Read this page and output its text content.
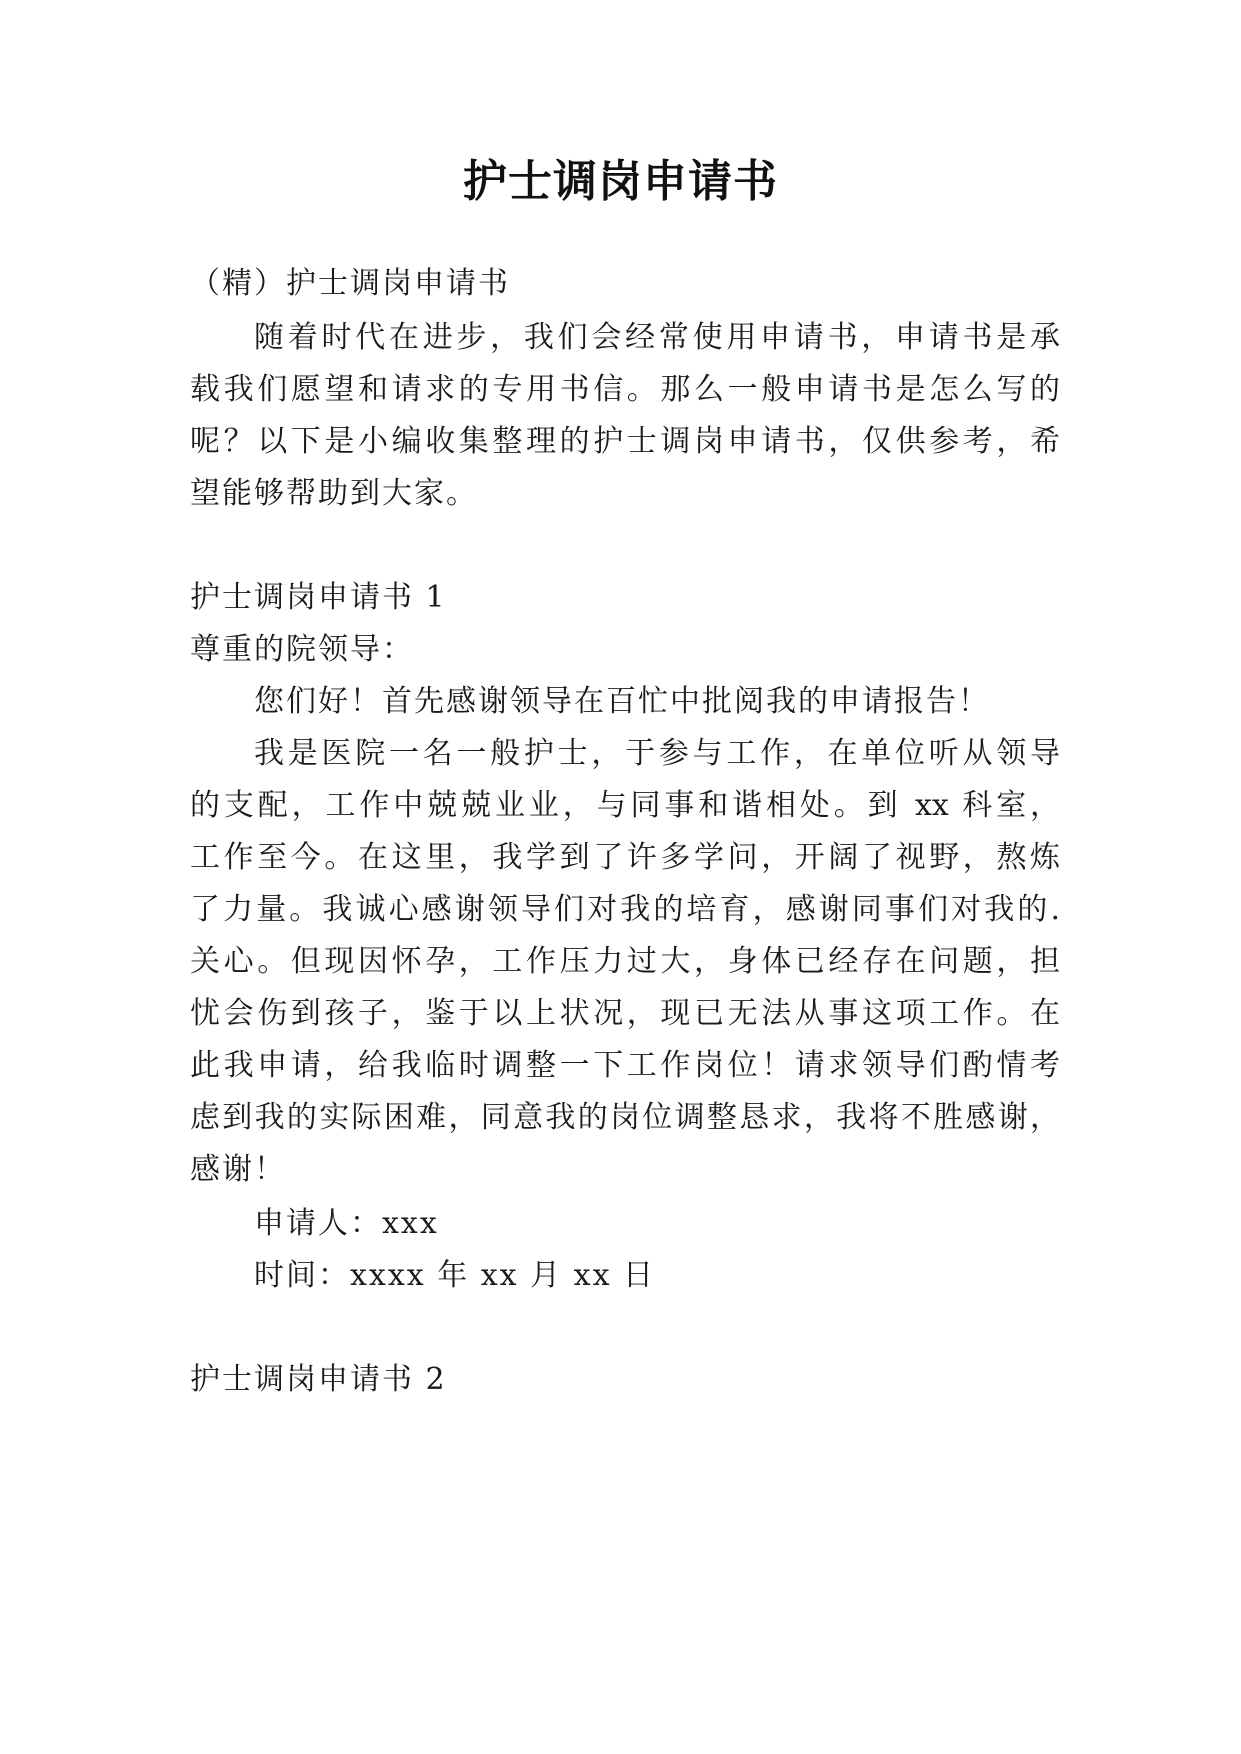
护士调岗申请书
（精）护士调岗申请书
随着时代在进步，我们会经常使用申请书，申请书是承
载我们愿望和请求的专用书信。那么一般申请书是怎么写的
呢？以下是小编收集整理的护士调岗申请书，仅供参考，希
望能够帮助到大家。
护士调岗申请书 1
尊重的院领导：
您们好！首先感谢领导在百忙中批阅我的申请报告！
我是医院一名一般护士，于参与工作，在单位听从领导
的支配，工作中兢兢业业，与同事和谐相处。到 xx 科室，
工作至今。在这里，我学到了许多学问，开阔了视野，熬炼
了力量。我诚心感谢领导们对我的培育，感谢同事们对我的.
关心。但现因怀孕，工作压力过大，身体已经存在问题，担
忧会伤到孩子，鉴于以上状况，现已无法从事这项工作。在
此我申请，给我临时调整一下工作岗位！请求领导们酌情考
虑到我的实际困难，同意我的岗位调整恳求，我将不胜感谢，
感谢！
申请人：xxx
时间：xxxx 年 xx 月 xx 日
护士调岗申请书 2
